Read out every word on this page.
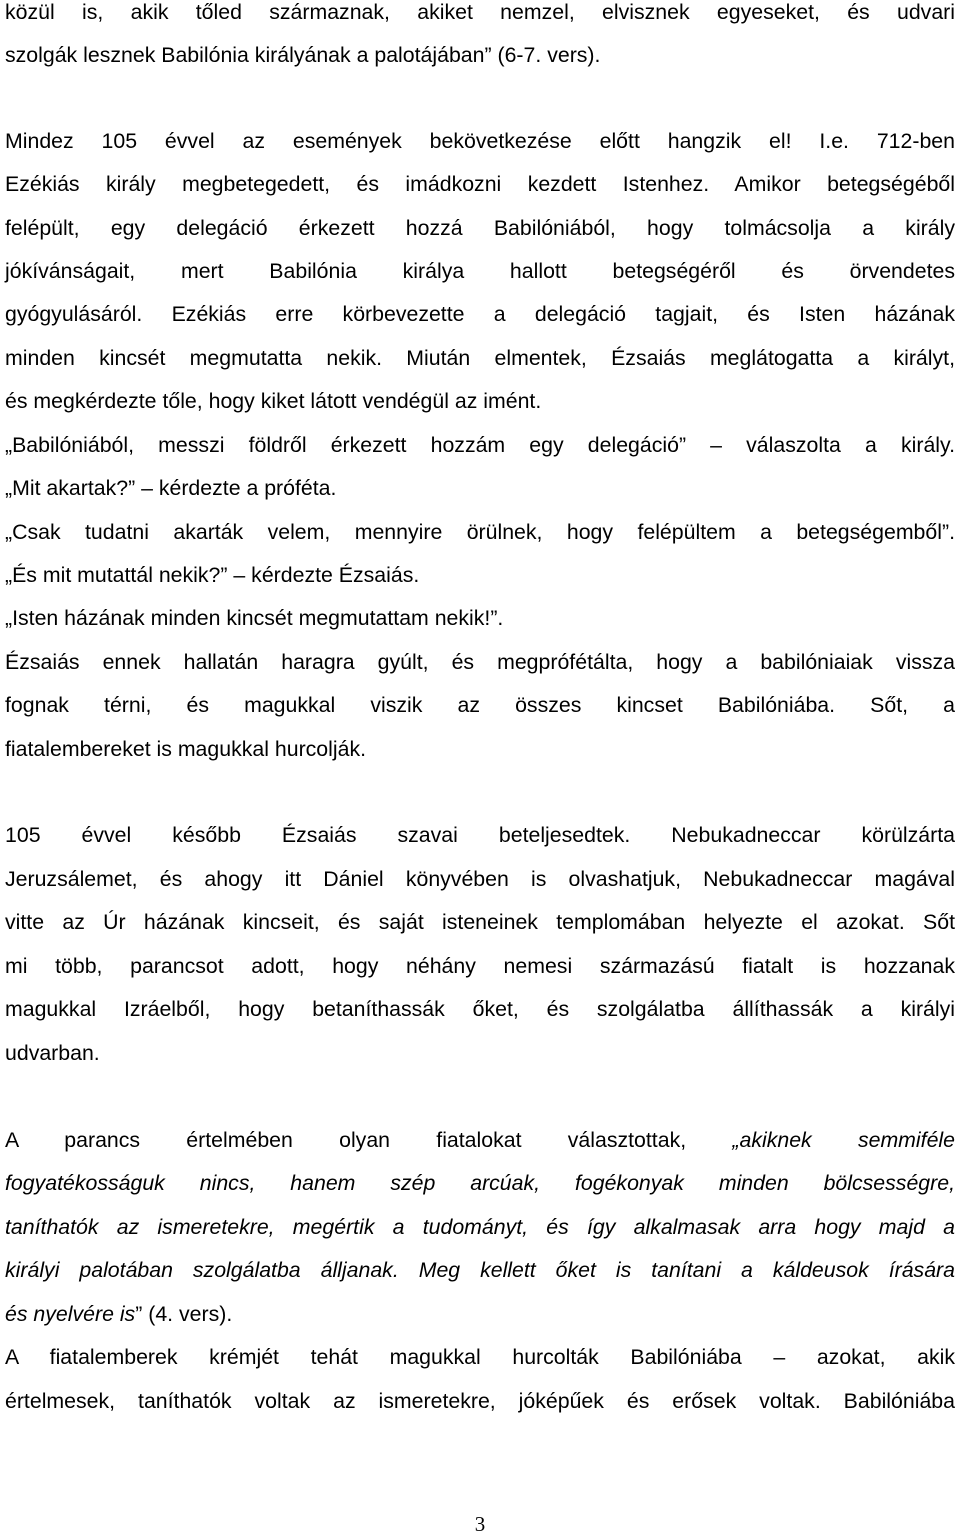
közül is, akik tőled származnak, akiket nemzel, elvisznek egyeseket, és udvari
szolgák lesznek Babilónia királyának a palotájában” (6-7. vers).
Mindez 105 évvel az események bekövetkezése előtt hangzik el! I.e. 712-ben
Ezékiás király megbetegedett, és imádkozni kezdett Istenhez. Amikor betegségéből
felépült, egy delegáció érkezett hozzá Babilóniából, hogy tolmácsolja a király
jókívánságait, mert Babilónia királya hallott betegségéről és örvendetes
gyógyulásáról. Ezékiás erre körbevezette a delegáció tagjait, és Isten házának
minden kincsét megmutatta nekik. Miután elmentek, Ézsaiás meglátogatta a királyt,
és megkérdezte tőle, hogy kiket látott vendégül az imént.
„Babilóniából, messzi földről érkezett hozzám egy delegáció” – válaszolta a király.
„Mit akartak?” – kérdezte a próféta.
„Csak tudatni akarták velem, mennyire örülnek, hogy felépültem a betegségemből”.
„És mit mutattál nekik?” – kérdezte Ézsaiás.
„Isten házának minden kincsét megmutattam nekik!”.
Ézsaiás ennek hallatán haragra gyúlt, és megprófétálta, hogy a babilóniaiak vissza
fognak térni, és magukkal viszik az összes kincset Babilóniába. Sőt, a
fiatalembereket is magukkal hurcolják.
105 évvel később Ézsaiás szavai beteljesedtek. Nebukadneccar körülzárta
Jeruzsálemet, és ahogy itt Dániel könyvében is olvashatjuk, Nebukadneccar magával
vitte az Úr házának kincseit, és saját isteneinek templomában helyezte el azokat. Sőt
mi több, parancsot adott, hogy néhány nemesi származású fiatalt is hozzanak
magukkal Izráelből, hogy betaníthassák őket, és szolgálatba állíthassák a királyi
udvarban.
A parancs értelmében olyan fiatalokat választottak, „akiknek semmiféle
fogyatékosságuk nincs, hanem szép arcúak, fogékonyak minden bölcsességre,
taníthatók az ismeretekre, megértik a tudományt, és így alkalmasak arra hogy majd a
királyi palotában szolgálatba álljanak. Meg kellett őket is tanítani a káldeusok írására
és nyelvére is” (4. vers).
A fiatalemberek krémjét tehát magukkal hurcolták Babilóniába – azokat, akik
értelmesek, taníthatók voltak az ismeretekre, jóképűek és erősek voltak. Babilóniába
3
